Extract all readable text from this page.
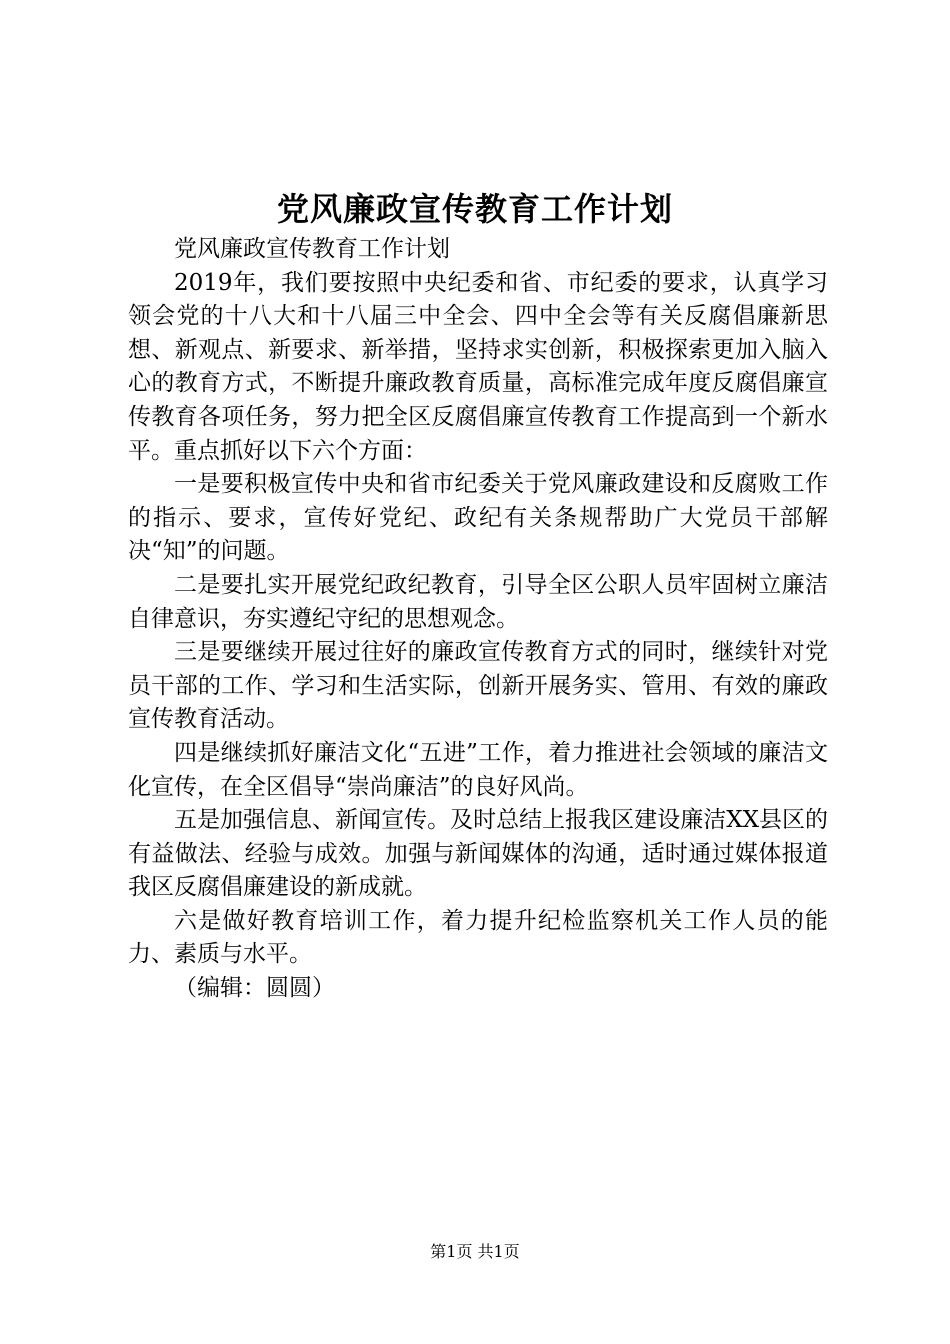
党风廉政宣传教育工作计划

党风廉政宣传教育工作计划

2019年，我们要按照中央纪委和省、市纪委的要求，认真学习领会党的十八大和十八届三中全会、四中全会等有关反腐倡廉新思想、新观点、新要求、新举措，坚持求实创新，积极探索更加入脑入心的教育方式，不断提升廉政教育质量，高标准完成年度反腐倡廉宣传教育各项任务，努力把全区反腐倡廉宣传教育工作提高到一个新水平。重点抓好以下六个方面：

一是要积极宣传中央和省市纪委关于党风廉政建设和反腐败工作的指示、要求，宣传好党纪、政纪有关条规帮助广大党员干部解决“知”的问题。

二是要扎实开展党纪政纪教育，引导全区公职人员牢固树立廉洁自律意识，夯实遵纪守纪的思想观念。

三是要继续开展过往好的廉政宣传教育方式的同时，继续针对党员干部的工作、学习和生活实际，创新开展务实、管用、有效的廉政宣传教育活动。

四是继续抓好廉洁文化“五进”工作，着力推进社会领域的廉洁文化宣传，在全区倡导“崇尚廉洁”的良好风尚。

五是加强信息、新闻宣传。及时总结上报我区建设廉洁XX县区的有益做法、经验与成效。加强与新闻媒体的沟通，适时通过媒体报道我区反腐倡廉建设的新成就。

六是做好教育培训工作，着力提升纪检监察机关工作人员的能力、素质与水平。

（编辑：圆圆）

第1页 共1页
